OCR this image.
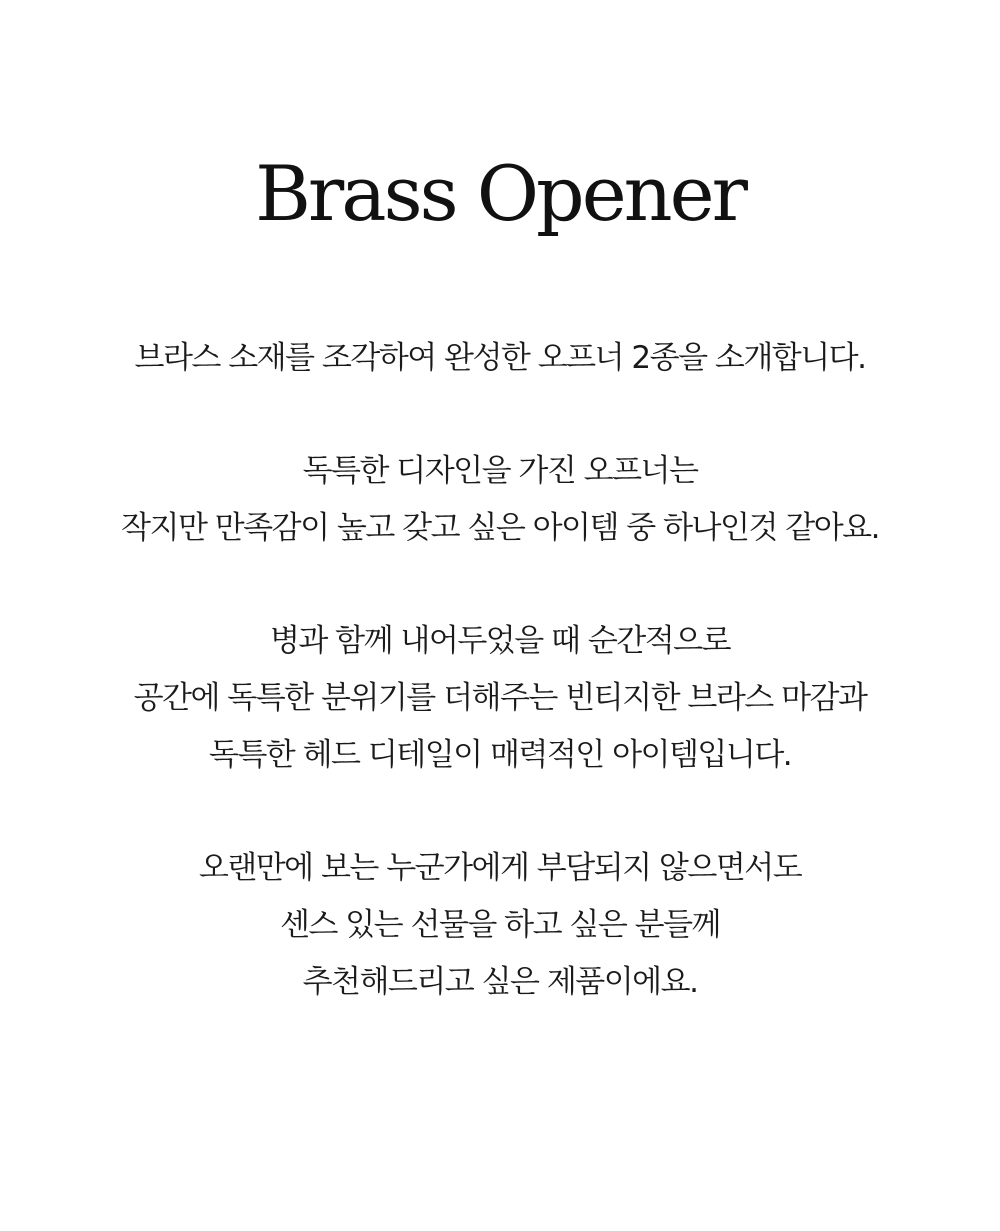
Brass Opener

브라스 소재를 조각하여 완성한 오프너 2종을 소개합니다.

독특한 디자인을 가진 오프너는
작지만 만족감이 높고 갖고 싶은 아이템 중 하나인것 같아요.

병과 함께 내어두었을 때 순간적으로
공간에 독특한 분위기를 더해주는 빈티지한 브라스 마감과
독특한 헤드 디테일이 매력적인 아이템입니다.

오랜만에 보는 누군가에게 부담되지 않으면서도
센스 있는 선물을 하고 싶은 분들께
추천해드리고 싶은 제품이에요.
